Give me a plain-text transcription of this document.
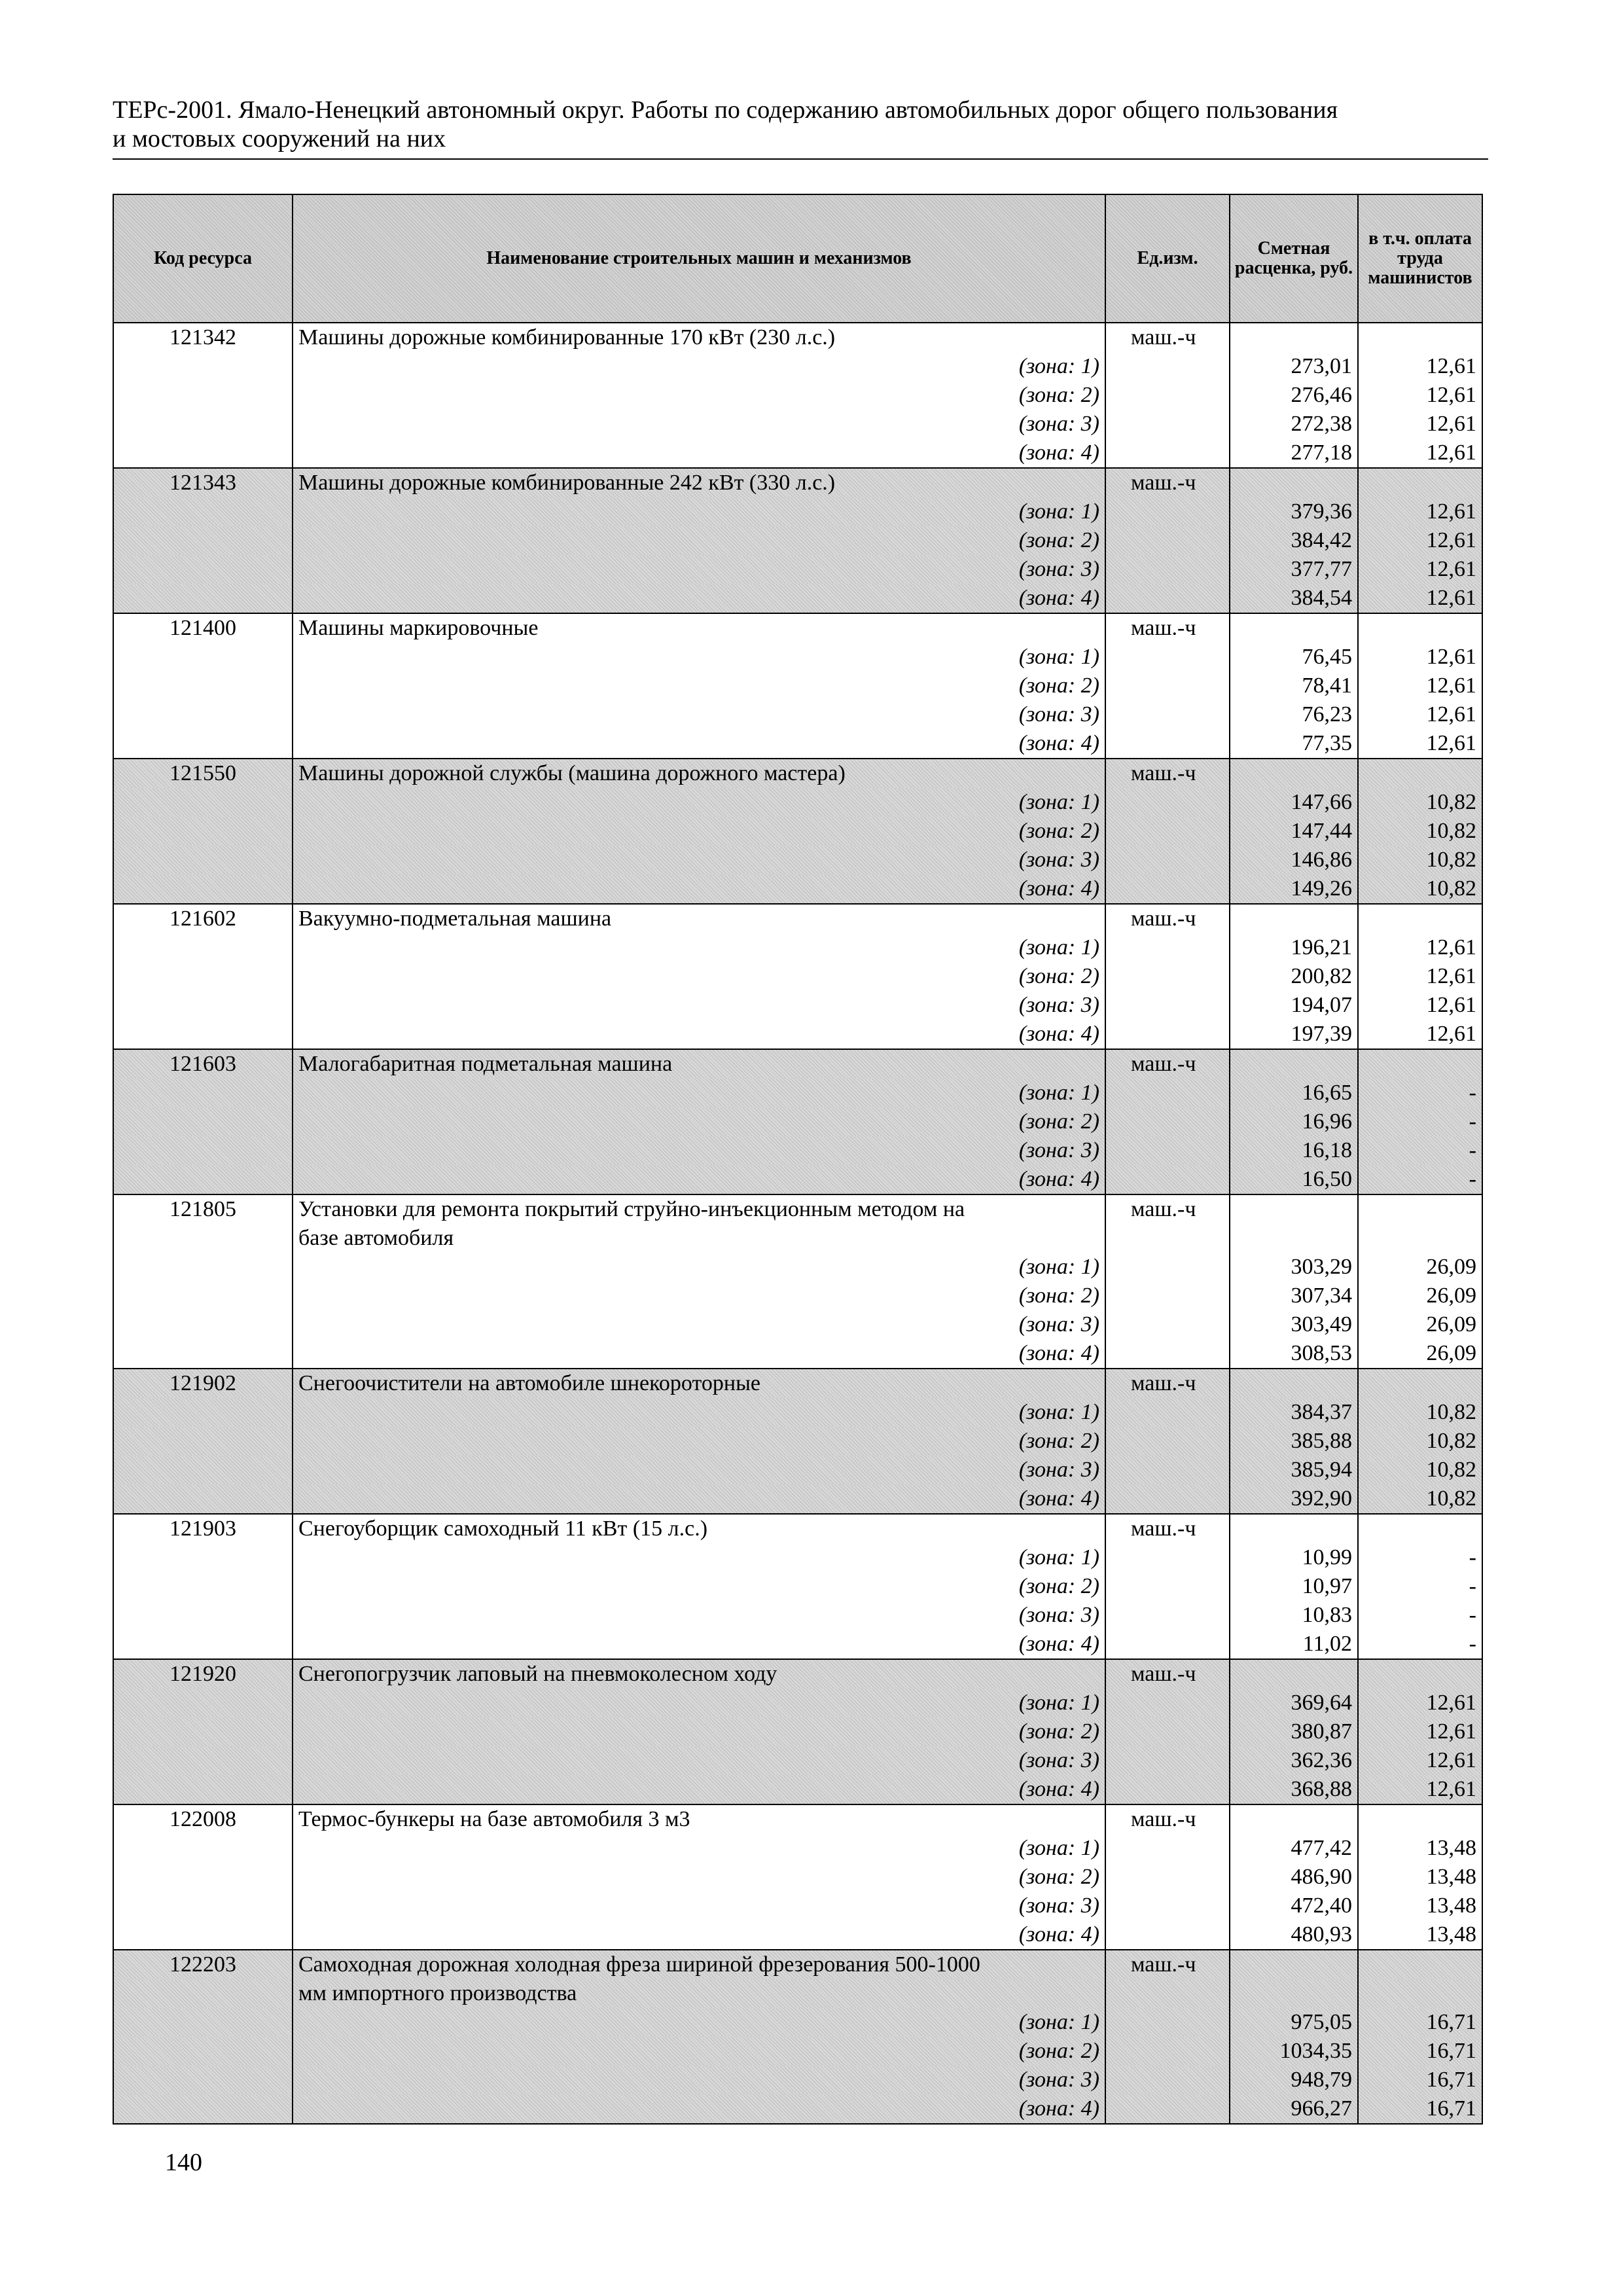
ТЕРс-2001. Ямало-Ненецкий автономный округ. Работы по содержанию автомобильных дорог общего пользования
и мостовых сооружений на них
Код ресурса	Наименование строительных машин и механизмов	Ед.изм.	Сметная расценка, руб.	в т.ч. оплата труда машинистов
121342	Машины дорожные комбинированные 170 кВт (230 л.с.)	маш.-ч		
	(зона: 1)		273,01	12,61
	(зона: 2)		276,46	12,61
	(зона: 3)		272,38	12,61
	(зона: 4)		277,18	12,61
121343	Машины дорожные комбинированные 242 кВт (330 л.с.)	маш.-ч		
	(зона: 1)		379,36	12,61
	(зона: 2)		384,42	12,61
	(зона: 3)		377,77	12,61
	(зона: 4)		384,54	12,61
121400	Машины маркировочные	маш.-ч		
	(зона: 1)		76,45	12,61
	(зона: 2)		78,41	12,61
	(зона: 3)		76,23	12,61
	(зона: 4)		77,35	12,61
121550	Машины дорожной службы (машина дорожного мастера)	маш.-ч		
	(зона: 1)		147,66	10,82
	(зона: 2)		147,44	10,82
	(зона: 3)		146,86	10,82
	(зона: 4)		149,26	10,82
121602	Вакуумно-подметальная машина	маш.-ч		
	(зона: 1)		196,21	12,61
	(зона: 2)		200,82	12,61
	(зона: 3)		194,07	12,61
	(зона: 4)		197,39	12,61
121603	Малогабаритная подметальная машина	маш.-ч		
	(зона: 1)		16,65	-
	(зона: 2)		16,96	-
	(зона: 3)		16,18	-
	(зона: 4)		16,50	-
121805	Установки для ремонта покрытий струйно-инъекционным методом на	маш.-ч		
	базе автомобиля			
	(зона: 1)		303,29	26,09
	(зона: 2)		307,34	26,09
	(зона: 3)		303,49	26,09
	(зона: 4)		308,53	26,09
121902	Снегоочистители на автомобиле шнекороторные	маш.-ч		
	(зона: 1)		384,37	10,82
	(зона: 2)		385,88	10,82
	(зона: 3)		385,94	10,82
	(зона: 4)		392,90	10,82
121903	Снегоуборщик самоходный 11 кВт (15 л.с.)	маш.-ч		
	(зона: 1)		10,99	-
	(зона: 2)		10,97	-
	(зона: 3)		10,83	-
	(зона: 4)		11,02	-
121920	Снегопогрузчик лаповый на пневмоколесном ходу	маш.-ч		
	(зона: 1)		369,64	12,61
	(зона: 2)		380,87	12,61
	(зона: 3)		362,36	12,61
	(зона: 4)		368,88	12,61
122008	Термос-бункеры на базе автомобиля 3 м3	маш.-ч		
	(зона: 1)		477,42	13,48
	(зона: 2)		486,90	13,48
	(зона: 3)		472,40	13,48
	(зона: 4)		480,93	13,48
122203	Самоходная дорожная холодная фреза шириной фрезерования 500-1000	маш.-ч		
	мм импортного производства			
	(зона: 1)		975,05	16,71
	(зона: 2)		1034,35	16,71
	(зона: 3)		948,79	16,71
	(зона: 4)		966,27	16,71
140
